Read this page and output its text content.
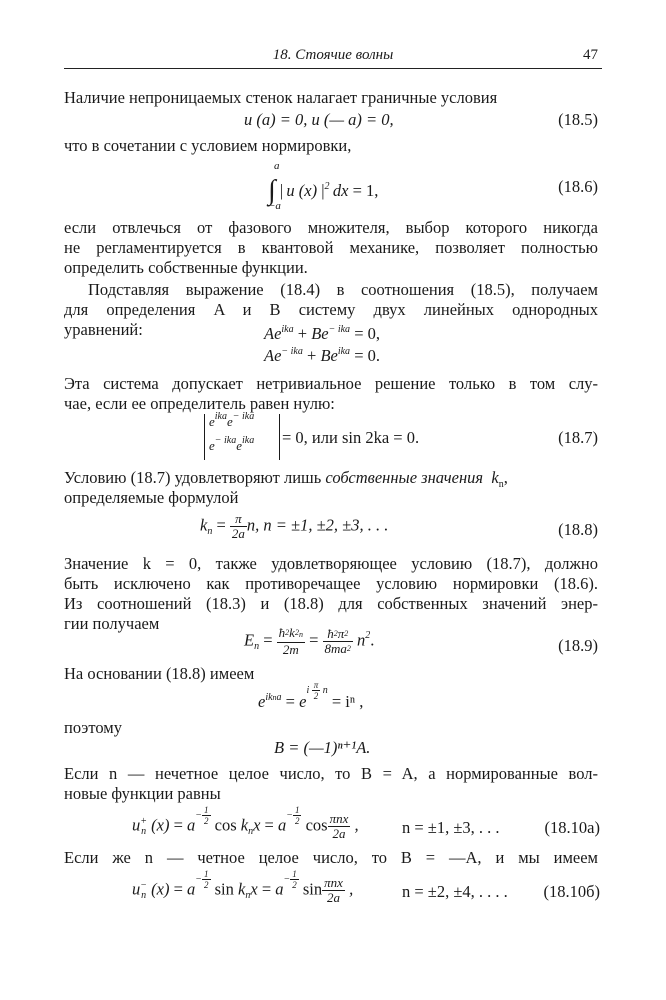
18. Стоячие волны	47
Наличие непроницаемых стенок налагает граничные условия
u (a) = 0, u (— a) = 0,	(18.5)
что в сочетании с условием нормировки,
∫ | u (x) $|^2$ dx = 1,
a
−a
(18.6)
если отвлечься от фазового множителя, выбор которого никогда
не регламентируется в квантовой механике, позволяет полностью
определить собственные функции.
Подставляя выражение (18.4) в соотношения (18.5), получаем
для определения A и B систему двух линейных однородных
уравнений:	$Ae^{ika} + Be^{- ika} = 0$,
$Ae^{- ika} + Be^{ika} = 0$.
Эта система допускает нетривиальное решение только в том слу-
чае, если ее определитель равен нулю:
$e^{ika}e^{- ika}$
$e^{- ika}e^{ika} = 0$, или sin 2ka = 0.	(18.7)
Условию (18.7) удовлетворяют лишь собственные значения $k_n$,
определяемые формулой
$k_n = \frac{\pi}{2a} n$, n = ±1, ±2, ±3, . . .	(18.8)
Значение k = 0, также удовлетворяющее условию (18.7), должно
быть исключено как противоречащее условию нормировки (18.6).
Из соотношений (18.3) и (18.8) для собственных значений энер-
гии получаем
$E_n = \frac{ħ^2k^2n}{2m} = \frac{ħ^2\pi^2}{8ma^2} n^2$.	(18.9)
На основании (18.8) имеем
$e^{ikna}$ = ei $\frac{\pi}{2}$ n = iⁿ ,
поэтому
B = (—1)ⁿ⁺¹A.
Если n — нечетное целое число, то B = A, а нормированные вол-
новые функции равны
u+
n $(x) = a- \frac{1}{2}$ $\cos k_nx = a- \frac{1}{2}$ $\cos \frac{\text{πnx}}{2a}$ ,	n = ±1, ±3, . . .	(18.10а)
Если же n — четное целое число, то B = —A, и мы имеем
u−
n $(x) = a- \frac{1}{2}$ $\sin k_nx = a- \frac{1}{2}$ $\sin \frac{\text{πnx}}{2a}$ ,	n = ±2, ±4, . . . . (18.10б)
